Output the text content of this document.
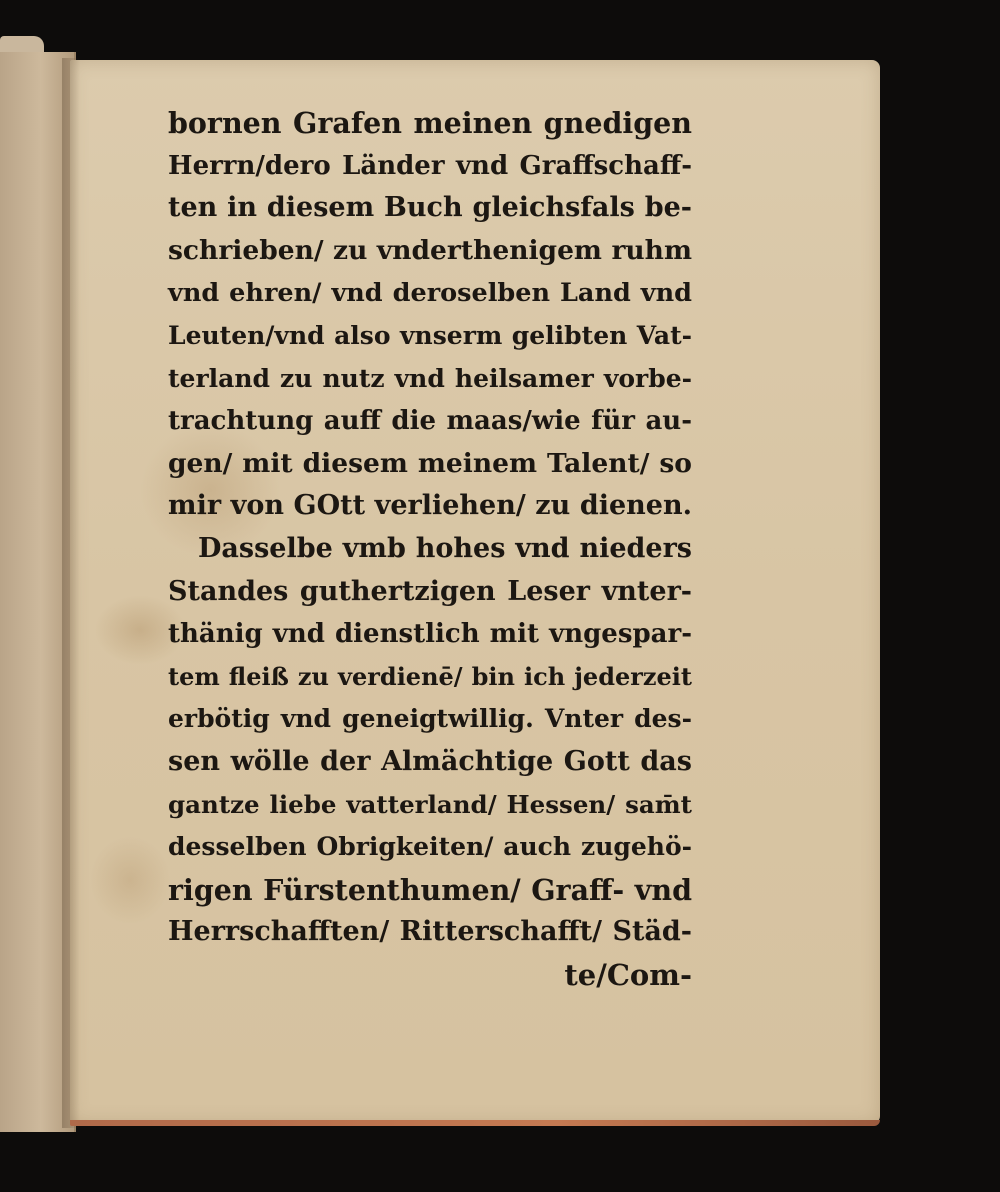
bornen Grafen meinen gnedigen
Herrn/dero Länder vnd Graffschaff-
ten in diesem Buch gleichsfals be-
schrieben/ zu vnderthenigem ruhm
vnd ehren/ vnd deroselben Land vnd
Leuten/vnd also vnserm gelibten Vat-
terland zu nutz vnd heilsamer vorbe-
trachtung auff die maas/wie für au-
gen/ mit diesem meinem Talent/ so
mir von GOtt verliehen/ zu dienen.
Dasselbe vmb hohes vnd nieders
Standes guthertzigen Leser vnter-
thänig vnd dienstlich mit vngespar-
tem fleiß zu verdienē/ bin ich jederzeit
erbötig vnd geneigtwillig. Vnter des-
sen wölle der Almächtige Gott das
gantze liebe vatterland/ Hessen/ sam̄t
desselben Obrigkeiten/ auch zugehö-
rigen Fürstenthumen/ Graff- vnd
Herrschafften/ Ritterschafft/ Städ-
te/Com-
